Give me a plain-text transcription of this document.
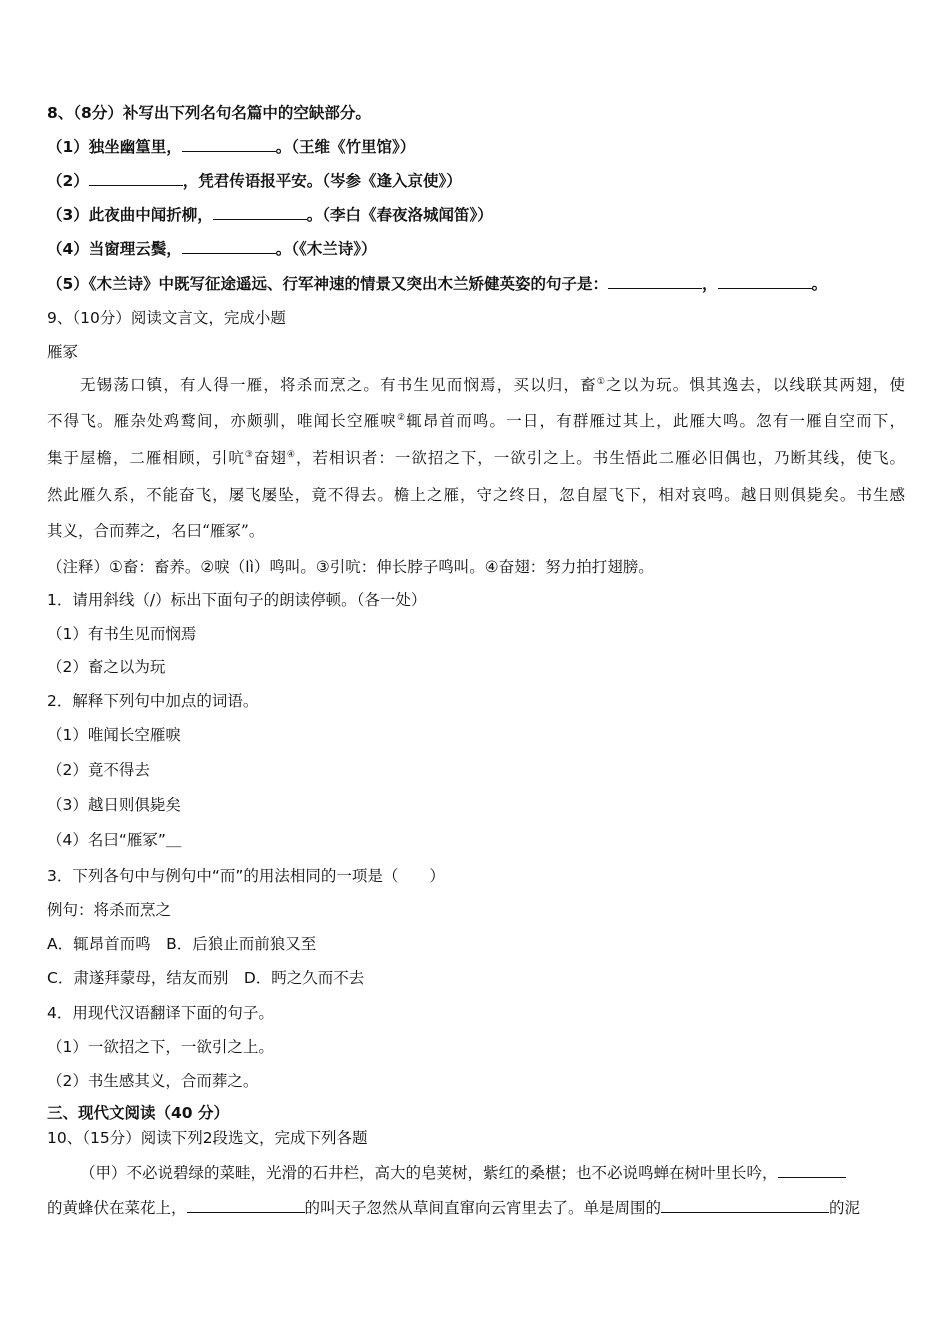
8、（8分）补写出下列名句名篇中的空缺部分。
（1）独坐幽篁里，	。（王维《竹里馆》）
（2）	，凭君传语报平安。（岑参《逢入京使》）
（3）此夜曲中闻折柳，	。（李白《春夜洛城闻笛》）
（4）当窗理云鬓，	。（《木兰诗》）
（5）《木兰诗》中既写征途遥远、行军神速的情景又突出木兰矫健英姿的句子是：	，	。
9、（10分）阅读文言文，完成小题
雁冢
无锡荡口镇，有人得一雁，将杀而烹之。有书生见而悯焉，买以归，畜①之以为玩。惧其逸去，以线联其两翅，使
不得飞。雁杂处鸡鹜间，亦颇驯，唯闻长空雁唳②辄昂首而鸣。一日，有群雁过其上，此雁大鸣。忽有一雁自空而下，
集于屋檐，二雁相顾，引吭③奋翅④，若相识者：一欲招之下，一欲引之上。书生悟此二雁必旧偶也，乃断其线，使飞。
然此雁久系，不能奋飞，屡飞屡坠，竟不得去。檐上之雁，守之终日，忽自屋飞下，相对哀鸣。越日则俱毙矣。书生感
其义，合而葬之，名曰“雁冢”。
（注释）①畜：畜养。②唳（lì）鸣叫。③引吭：伸长脖子鸣叫。④奋翅：努力拍打翅膀。
1．请用斜线（/）标出下面句子的朗读停顿。（各一处）
（1）有书生见而悯焉
（2）畜之以为玩
2．解释下列句中加点的词语。
（1）唯闻长空雁唳
（2）竟不得去
（3）越日则俱毙矣
（4）名曰“雁冢”＿
3．下列各句中与例句中“而”的用法相同的一项是（　　）
例句：将杀而烹之
A．辄昂首而鸣　B．后狼止而前狼又至
C．肃遂拜蒙母，结友而别　D．眄之久而不去
4．用现代汉语翻译下面的句子。
（1）一欲招之下，一欲引之上。
（2）书生感其义，合而葬之。
三、现代文阅读（40 分）
10、（15分）阅读下列2段选文，完成下列各题
（甲）不必说碧绿的菜畦，光滑的石井栏，高大的皂荚树，紫红的桑椹；也不必说鸣蝉在树叶里长吟，
的黄蜂伏在菜花上，	的叫天子忽然从草间直窜向云宵里去了。单是周围的	的泥
